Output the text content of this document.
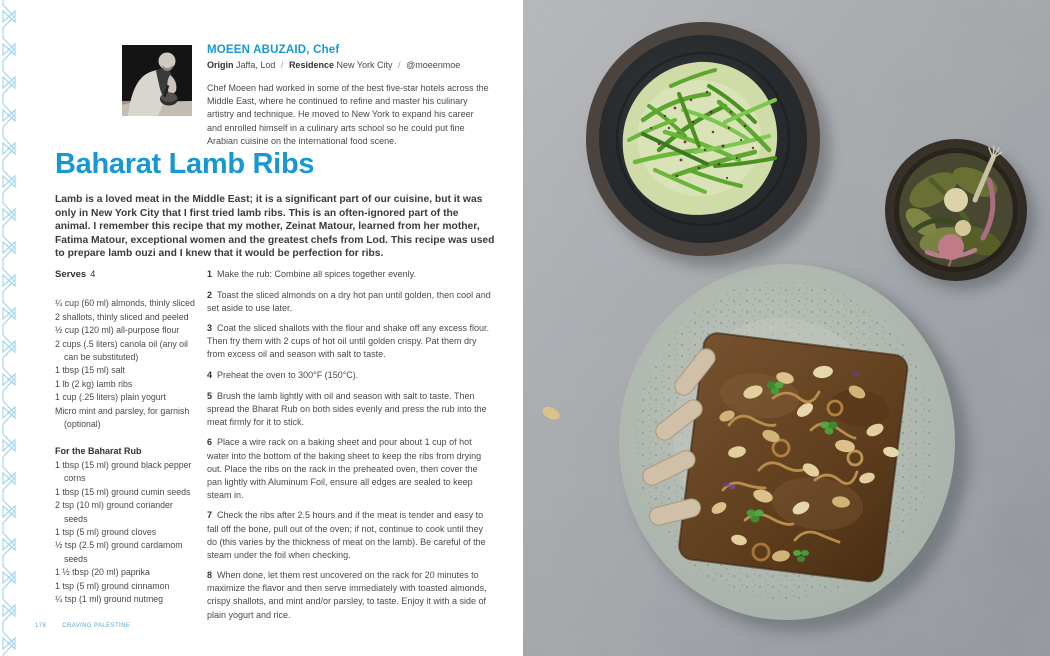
MOEEN ABUZAID, Chef
Origin Jaffa, Lod / Residence New York City / @moeenmoe
Chef Moeen had worked in some of the best five-star hotels across the Middle East, where he continued to refine and master his culinary artistry and technique. He moved to New York to expand his career and enrolled himself in a culinary arts school so he could put fine Arabian cuisine on the international food scene.
Baharat Lamb Ribs
Lamb is a loved meat in the Middle East; it is a significant part of our cuisine, but it was only in New York City that I first tried lamb ribs. This is an often-ignored part of the animal. I remember this recipe that my mother, Zeinat Matour, learned from her mother, Fatima Matour, exceptional women and the greatest chefs from Lod. This recipe was used to prepare lamb ouzi and I knew that it would be perfection for ribs.
Serves 4
¼ cup (60 ml) almonds, thinly sliced
2 shallots, thinly sliced and peeled
½ cup (120 ml) all-purpose flour
2 cups (.5 liters) canola oil (any oil can be substituted)
1 tbsp (15 ml) salt
1 lb (2 kg) lamb ribs
1 cup (.25 liters) plain yogurt
Micro mint and parsley, for garnish (optional)
For the Baharat Rub
1 tbsp (15 ml) ground black pepper corns
1 tbsp (15 ml) ground cumin seeds
2 tsp (10 ml) ground coriander seeds
1 tsp (5 ml) ground cloves
½ tsp (2.5 ml) ground cardamom seeds
1 ½ tbsp (20 ml) paprika
1 tsp (5 ml) ground cinnamon
¼ tsp (1 ml) ground nutmeg

1 Make the rub: Combine all spices together evenly.

2 Toast the sliced almonds on a dry hot pan until golden, then cool and set aside to use later.

3 Coat the sliced shallots with the flour and shake off any excess flour. Then fry them with 2 cups of hot oil until golden crispy. Pat them dry from excess oil and season with salt to taste.

4 Preheat the oven to 300°F (150°C).

5 Brush the lamb lightly with oil and season with salt to taste. Then spread the Bharat Rub on both sides evenly and press the rub into the meat firmly for it to stick.

6 Place a wire rack on a baking sheet and pour about 1 cup of hot water into the bottom of the baking sheet to keep the ribs from drying out. Place the ribs on the rack in the preheated oven, then cover the pan lightly with Aluminum Foil, ensure all edges are sealed to keep steam in.

7 Check the ribs after 2.5 hours and if the meat is tender and easy to fall off the bone, pull out of the oven; if not, continue to cook until they do (this varies by the thickness of meat on the lamb). Be careful of the steam under the foil when checking.

8 When done, let them rest uncovered on the rack for 20 minutes to maximize the flavor and then serve immediately with toasted almonds, crispy shallots, and mint and/or parsley, to taste. Enjoy it with a side of plain yogurt and rice.

178	CRAVING PALESTINE
